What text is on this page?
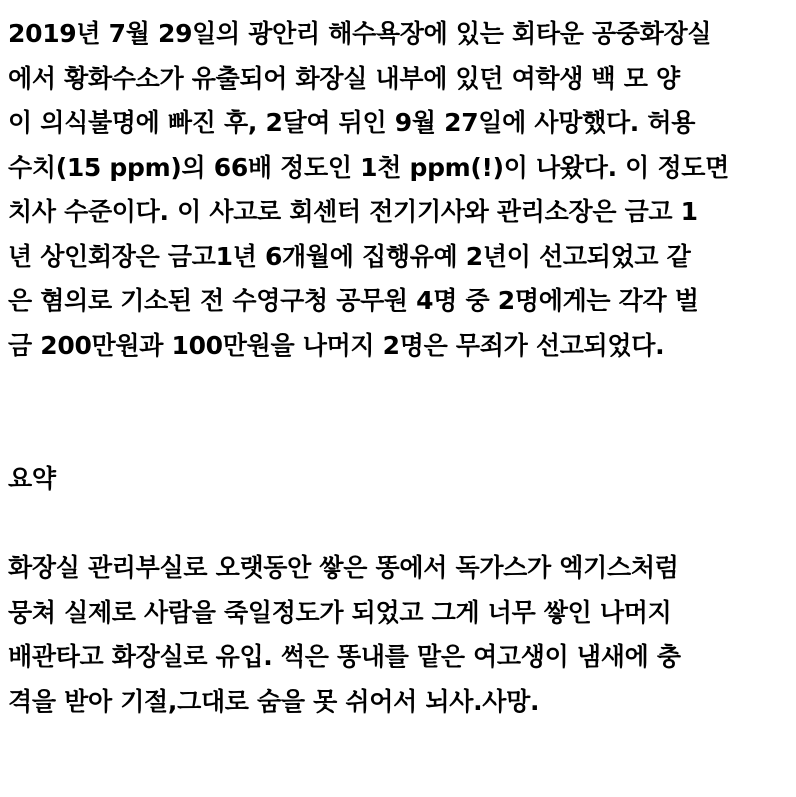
2019년 7월 29일의 광안리 해수욕장에 있는 회타운 공중화장실
에서 황화수소가 유출되어 화장실 내부에 있던 여학생 백 모 양
이 의식불명에 빠진 후, 2달여 뒤인 9월 27일에 사망했다. 허용
수치(15 ppm)의 66배 정도인 1천 ppm(!)이 나왔다. 이 정도면
치사 수준이다. 이 사고로 회센터 전기기사와 관리소장은 금고 1
년 상인회장은 금고1년 6개월에 집행유예 2년이 선고되었고 같
은 혐의로 기소된 전 수영구청 공무원 4명 중 2명에게는 각각 벌
금 200만원과 100만원을 나머지 2명은 무죄가 선고되었다.
요약
화장실 관리부실로 오랫동안 쌓은 똥에서 독가스가 엑기스처럼
뭉쳐 실제로 사람을 죽일정도가 되었고 그게 너무 쌓인 나머지
배관타고 화장실로 유입. 썩은 똥내를 맡은 여고생이 냄새에 충
격을 받아 기절,그대로 숨을 못 쉬어서 뇌사.사망.
